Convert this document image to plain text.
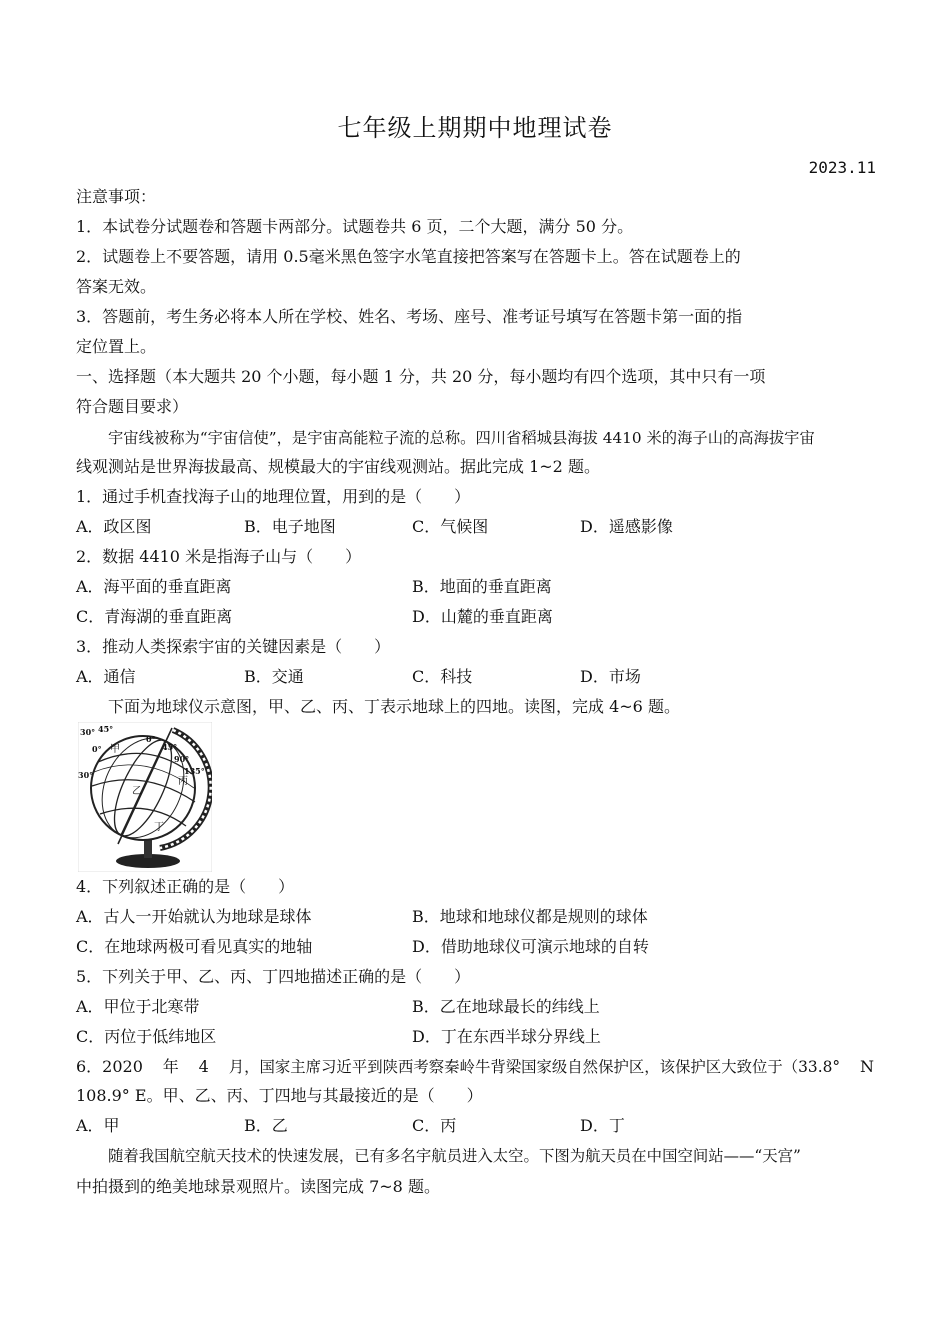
七年级上期期中地理试卷
2023.11
注意事项：
1．本试卷分试题卷和答题卡两部分。试题卷共 6 页，二个大题，满分 50 分。
2．试题卷上不要答题，请用 0.5毫米黑色签字水笔直接把答案写在答题卡上。答在试题卷上的
答案无效。
3．答题前，考生务必将本人所在学校、姓名、考场、座号、准考证号填写在答题卡第一面的指
定位置上。
一、选择题（本大题共 20 个小题，每小题 1 分，共 20 分，每小题均有四个选项，其中只有一项
符合题目要求）
宇宙线被称为“宇宙信使”，是宇宙高能粒子流的总称。四川省稻城县海拔 4410 米的海子山的高海拔宇宙
线观测站是世界海拔最高、规模最大的宇宙线观测站。据此完成 1~2 题。
1．通过手机查找海子山的地理位置，用到的是（　　）
A．政区图	B．电子地图	C．气候图	D．遥感影像
2．数据 4410 米是指海子山与（　　）
A．海平面的垂直距离	B．地面的垂直距离
C．青海湖的垂直距离	D．山麓的垂直距离
3．推动人类探索宇宙的关键因素是（　　）
A．通信	B．交通	C．科技	D．市场
下面为地球仪示意图，甲、乙、丙、丁表示地球上的四地。读图，完成 4~6 题。
30° 45°
0° 甲
0°
45°
90°
135°
30°
乙
丙
丁
4．下列叙述正确的是（　　）
A．古人一开始就认为地球是球体	B．地球和地球仪都是规则的球体
C．在地球两极可看见真实的地轴	D．借助地球仪可演示地球的自转
5．下列关于甲、乙、丙、丁四地描述正确的是（　　）
A．甲位于北寒带	B．乙在地球最长的纬线上
C．丙位于低纬地区	D．丁在东西半球分界线上
6．2020 年 4 月，国家主席习近平到陕西考察秦岭牛背梁国家级自然保护区，该保护区大致位于（33.8° N
108.9° E。甲、乙、丙、丁四地与其最接近的是（　　）
A．甲	B．乙	C．丙	D．丁
随着我国航空航天技术的快速发展，已有多名宇航员进入太空。下图为航天员在中国空间站——“天宫”
中拍摄到的绝美地球景观照片。读图完成 7~8 题。
